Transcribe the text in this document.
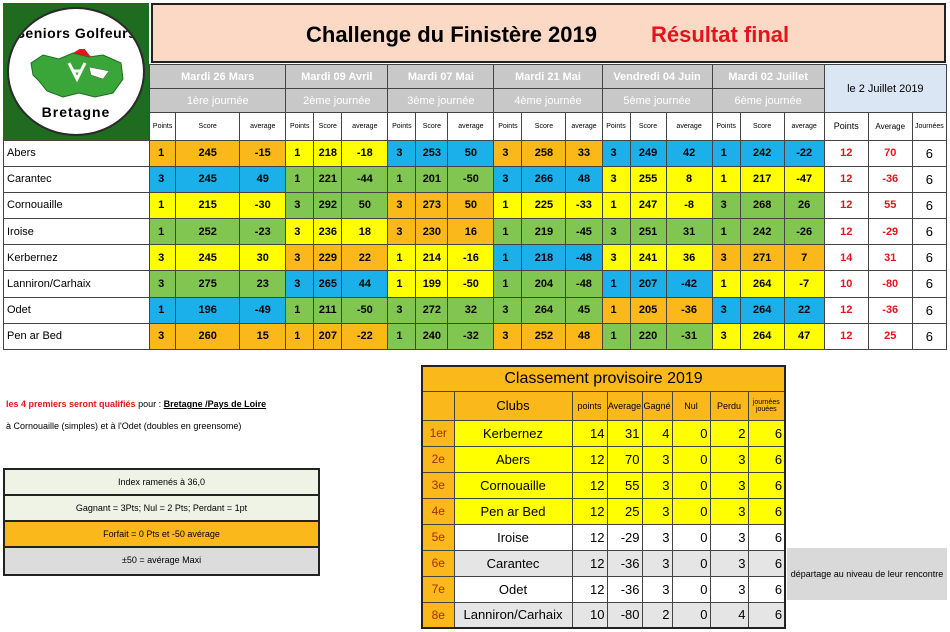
Seniors Golfeurs
Bretagne
Challenge du Finistère 2019 Résultat final
	Mardi 26 Mars			Mardi 09 Avril			Mardi 07 Mai			Mardi 21 Mai			Vendredi 04 Juin			Mardi 02 Juillet			le 2 Juillet 2019		
	1ère journée			2ème journée			3ème journée			4ème journée			5ème journée			6ème journée					
	Points	Score	average	Points	Score	average	Points	Score	average	Points	Score	average	Points	Score	average	Points	Score	average	Points	Average	Journées
Abers	1	245	-15	1	218	-18	3	253	50	3	258	33	3	249	42	1	242	-22	12	70	6
Carantec	3	245	49	1	221	-44	1	201	-50	3	266	48	3	255	8	1	217	-47	12	-36	6
Cornouaille	1	215	-30	3	292	50	3	273	50	1	225	-33	1	247	-8	3	268	26	12	55	6
Iroise	1	252	-23	3	236	18	3	230	16	1	219	-45	3	251	31	1	242	-26	12	-29	6
Kerbernez	3	245	30	3	229	22	1	214	-16	1	218	-48	3	241	36	3	271	7	14	31	6
Lanniron/Carhaix	3	275	23	3	265	44	1	199	-50	1	204	-48	1	207	-42	1	264	-7	10	-80	6
Odet	1	196	-49	1	211	-50	3	272	32	3	264	45	1	205	-36	3	264	22	12	-36	6
Pen ar Bed	3	260	15	1	207	-22	1	240	-32	3	252	48	1	220	-31	3	264	47	12	25	6
les 4 premiers seront qualifiés pour : Bretagne /Pays de Loire
à Cornouaille (simples) et à l'Odet (doubles en greensome)
Index ramenés à 36,0
Gagnant = 3Pts; Nul = 2 Pts; Perdant = 1pt
Forfait = 0 Pts et -50 avérage
±50 = avérage Maxi
Classement provisoire 2019							
	Clubs	points	Average	Gagné	Nul	Perdu	journées jouées
1er	Kerbernez	14	31	4	0	2	6
2e	Abers	12	70	3	0	3	6
3e	Cornouaille	12	55	3	0	3	6
4e	Pen ar Bed	12	25	3	0	3	6
5e	Iroise	12	-29	3	0	3	6
6e	Carantec	12	-36	3	0	3	6
7e	Odet	12	-36	3	0	3	6
8e	Lanniron/Carhaix	10	-80	2	0	4	6
départage au niveau de leur rencontre
